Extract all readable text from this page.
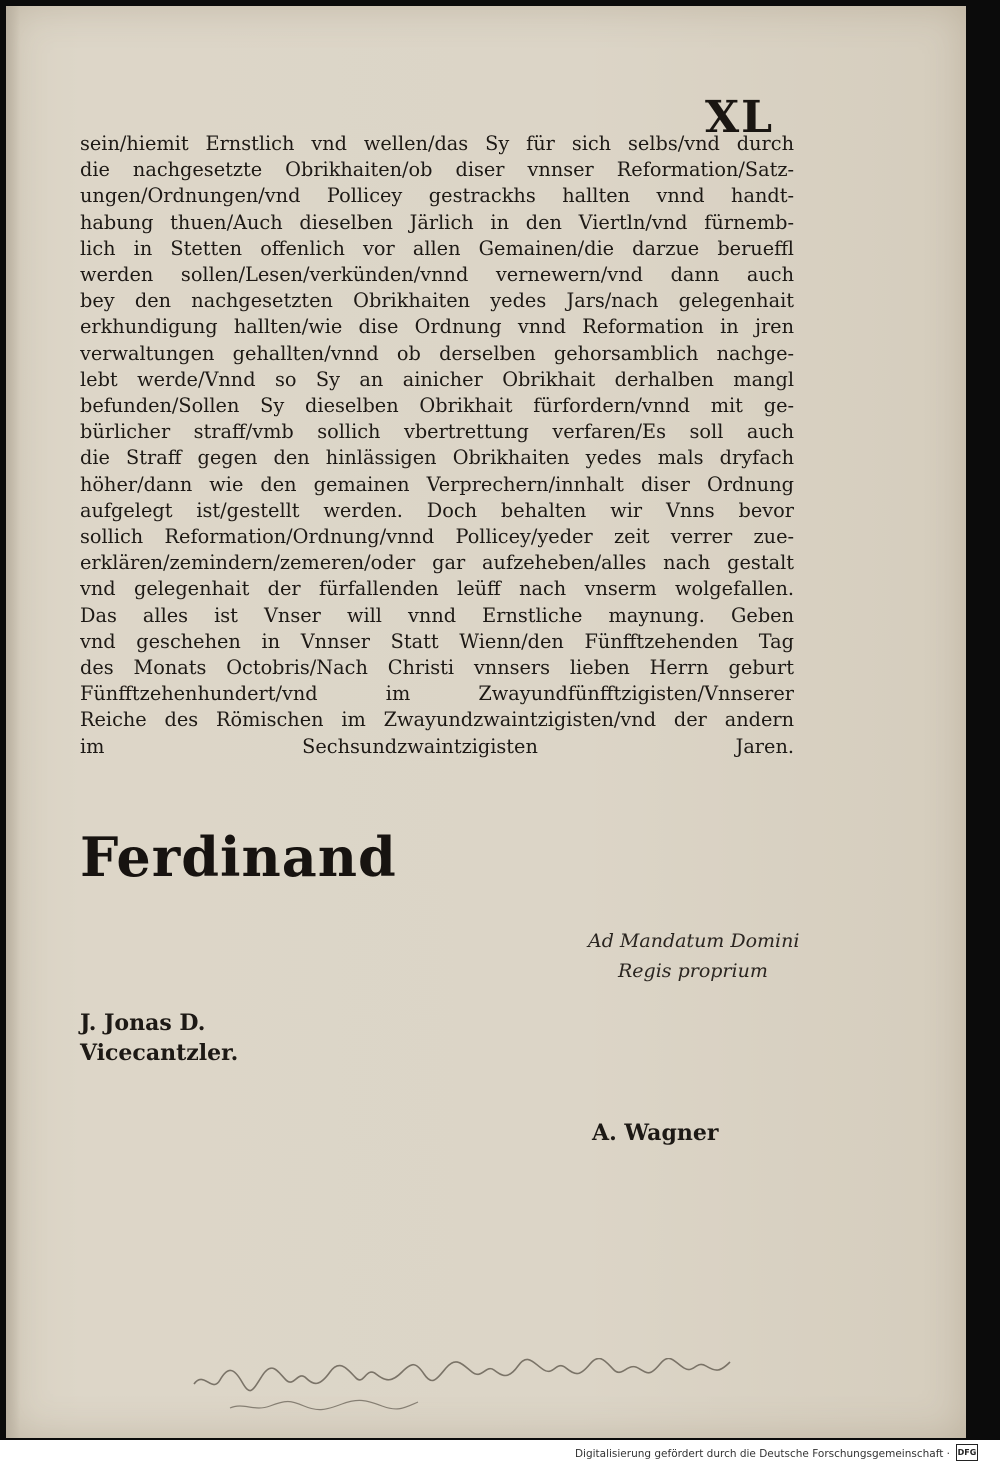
XL
sein/hiemit Ernstlich vnd wellen/das Sy für sich selbs/vnd durch
die nachgesetzte Obrikhaiten/ob diser vnnser Reformation/Satz-
ungen/Ordnungen/vnd Pollicey gestrackhs hallten vnnd handt-
habung thuen/Auch dieselben Järlich in den Viertln/vnd fürnemb-
lich in Stetten offenlich vor allen Gemainen/die darzue berueffl
werden sollen/Lesen/verkünden/vnnd vernewern/vnd dann auch
bey den nachgesetzten Obrikhaiten yedes Jars/nach gelegenhait
erkhundigung hallten/wie dise Ordnung vnnd Reformation in jren
verwaltungen gehallten/vnnd ob derselben gehorsamblich nachge-
lebt werde/Vnnd so Sy an ainicher Obrikhait derhalben mangl
befunden/Sollen Sy dieselben Obrikhait fürfordern/vnnd mit ge-
bürlicher straff/vmb sollich vbertrettung verfaren/Es soll auch
die Straff gegen den hinlässigen Obrikhaiten yedes mals dryfach
höher/dann wie den gemainen Verprechern/innhalt diser Ordnung
aufgelegt ist/gestellt werden. Doch behalten wir Vnns bevor
sollich Reformation/Ordnung/vnnd Pollicey/yeder zeit verrer zue-
erklären/zemindern/zemeren/oder gar aufzeheben/alles nach gestalt
vnd gelegenhait der fürfallenden leüff nach vnserm wolgefallen.
Das alles ist Vnser will vnnd Ernstliche maynung. Geben
vnd geschehen in Vnnser Statt Wienn/den Fünfftzehenden Tag
des Monats Octobris/Nach Christi vnnsers lieben Herrn geburt
Fünfftzehenhundert/vnd im Zwayundfünfftzigisten/Vnnserer
Reiche des Römischen im Zwayundzwaintzigisten/vnd der andern
im Sechsundzwaintzigisten Jaren.
Ferdinand
Ad Mandatum Domini
Regis proprium
J. Jonas D.
Vicecantzler.
A. Wagner
Digitalisierung gefördert durch die Deutsche Forschungsgemeinschaft · DFG
